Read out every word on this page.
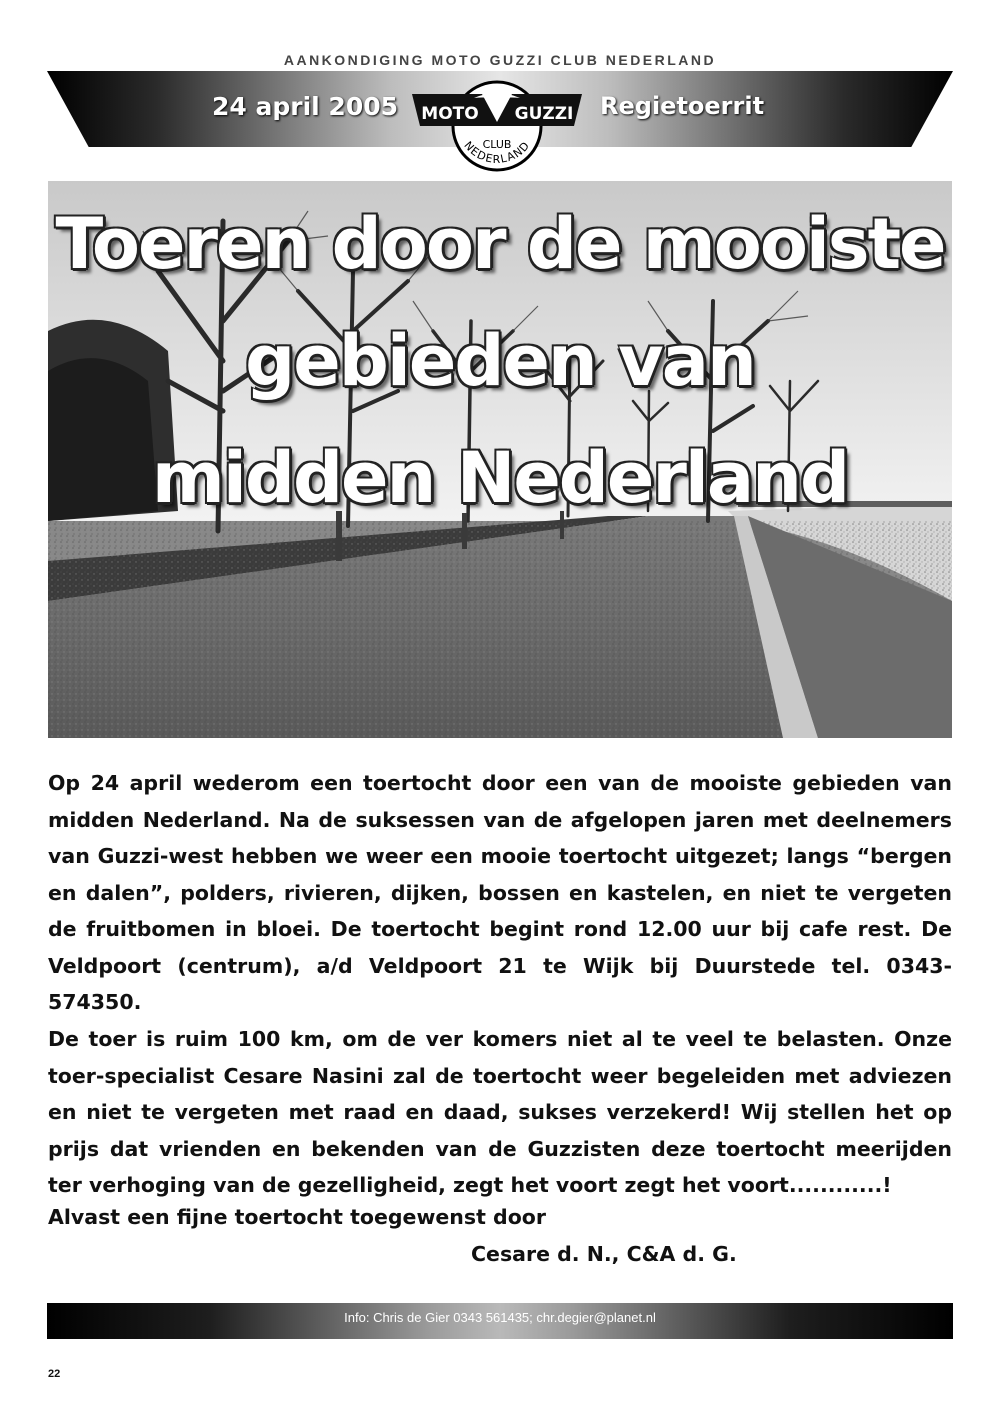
AANKONDIGING MOTO GUZZI CLUB NEDERLAND
24 april 2005	Regietoerrit
MOTO GUZZI
CLUB
NEDERLAND
Toeren door de mooiste
gebieden van
midden Nederland

Op 24 april wederom een toertocht door een van de mooiste gebieden van midden Nederland. Na de suksessen van de afgelopen jaren met deelnemers van Guzzi-west hebben we weer een mooie toertocht uitgezet; langs “bergen en dalen”, polders, rivieren, dijken, bossen en kastelen, en niet te vergeten de fruitbomen in bloei. De toertocht begint rond 12.00 uur bij cafe rest. De Veldpoort (centrum), a/d Veldpoort 21 te Wijk bij Duurstede tel. 0343-574350.

De toer is ruim 100 km, om de ver komers niet al te veel te belasten. Onze toer-specialist Cesare Nasini zal de toertocht weer begeleiden met adviezen en niet te vergeten met raad en daad, sukses verzekerd! Wij stellen het op prijs dat vrienden en bekenden van de Guzzisten deze toertocht meerijden ter verhoging van de gezelligheid, zegt het voort zegt het voort............!

Alvast een fijne toertocht toegewenst door
Cesare d. N., C&A d. G.
Info: Chris de Gier 0343 561435; chr.degier@planet.nl
22
